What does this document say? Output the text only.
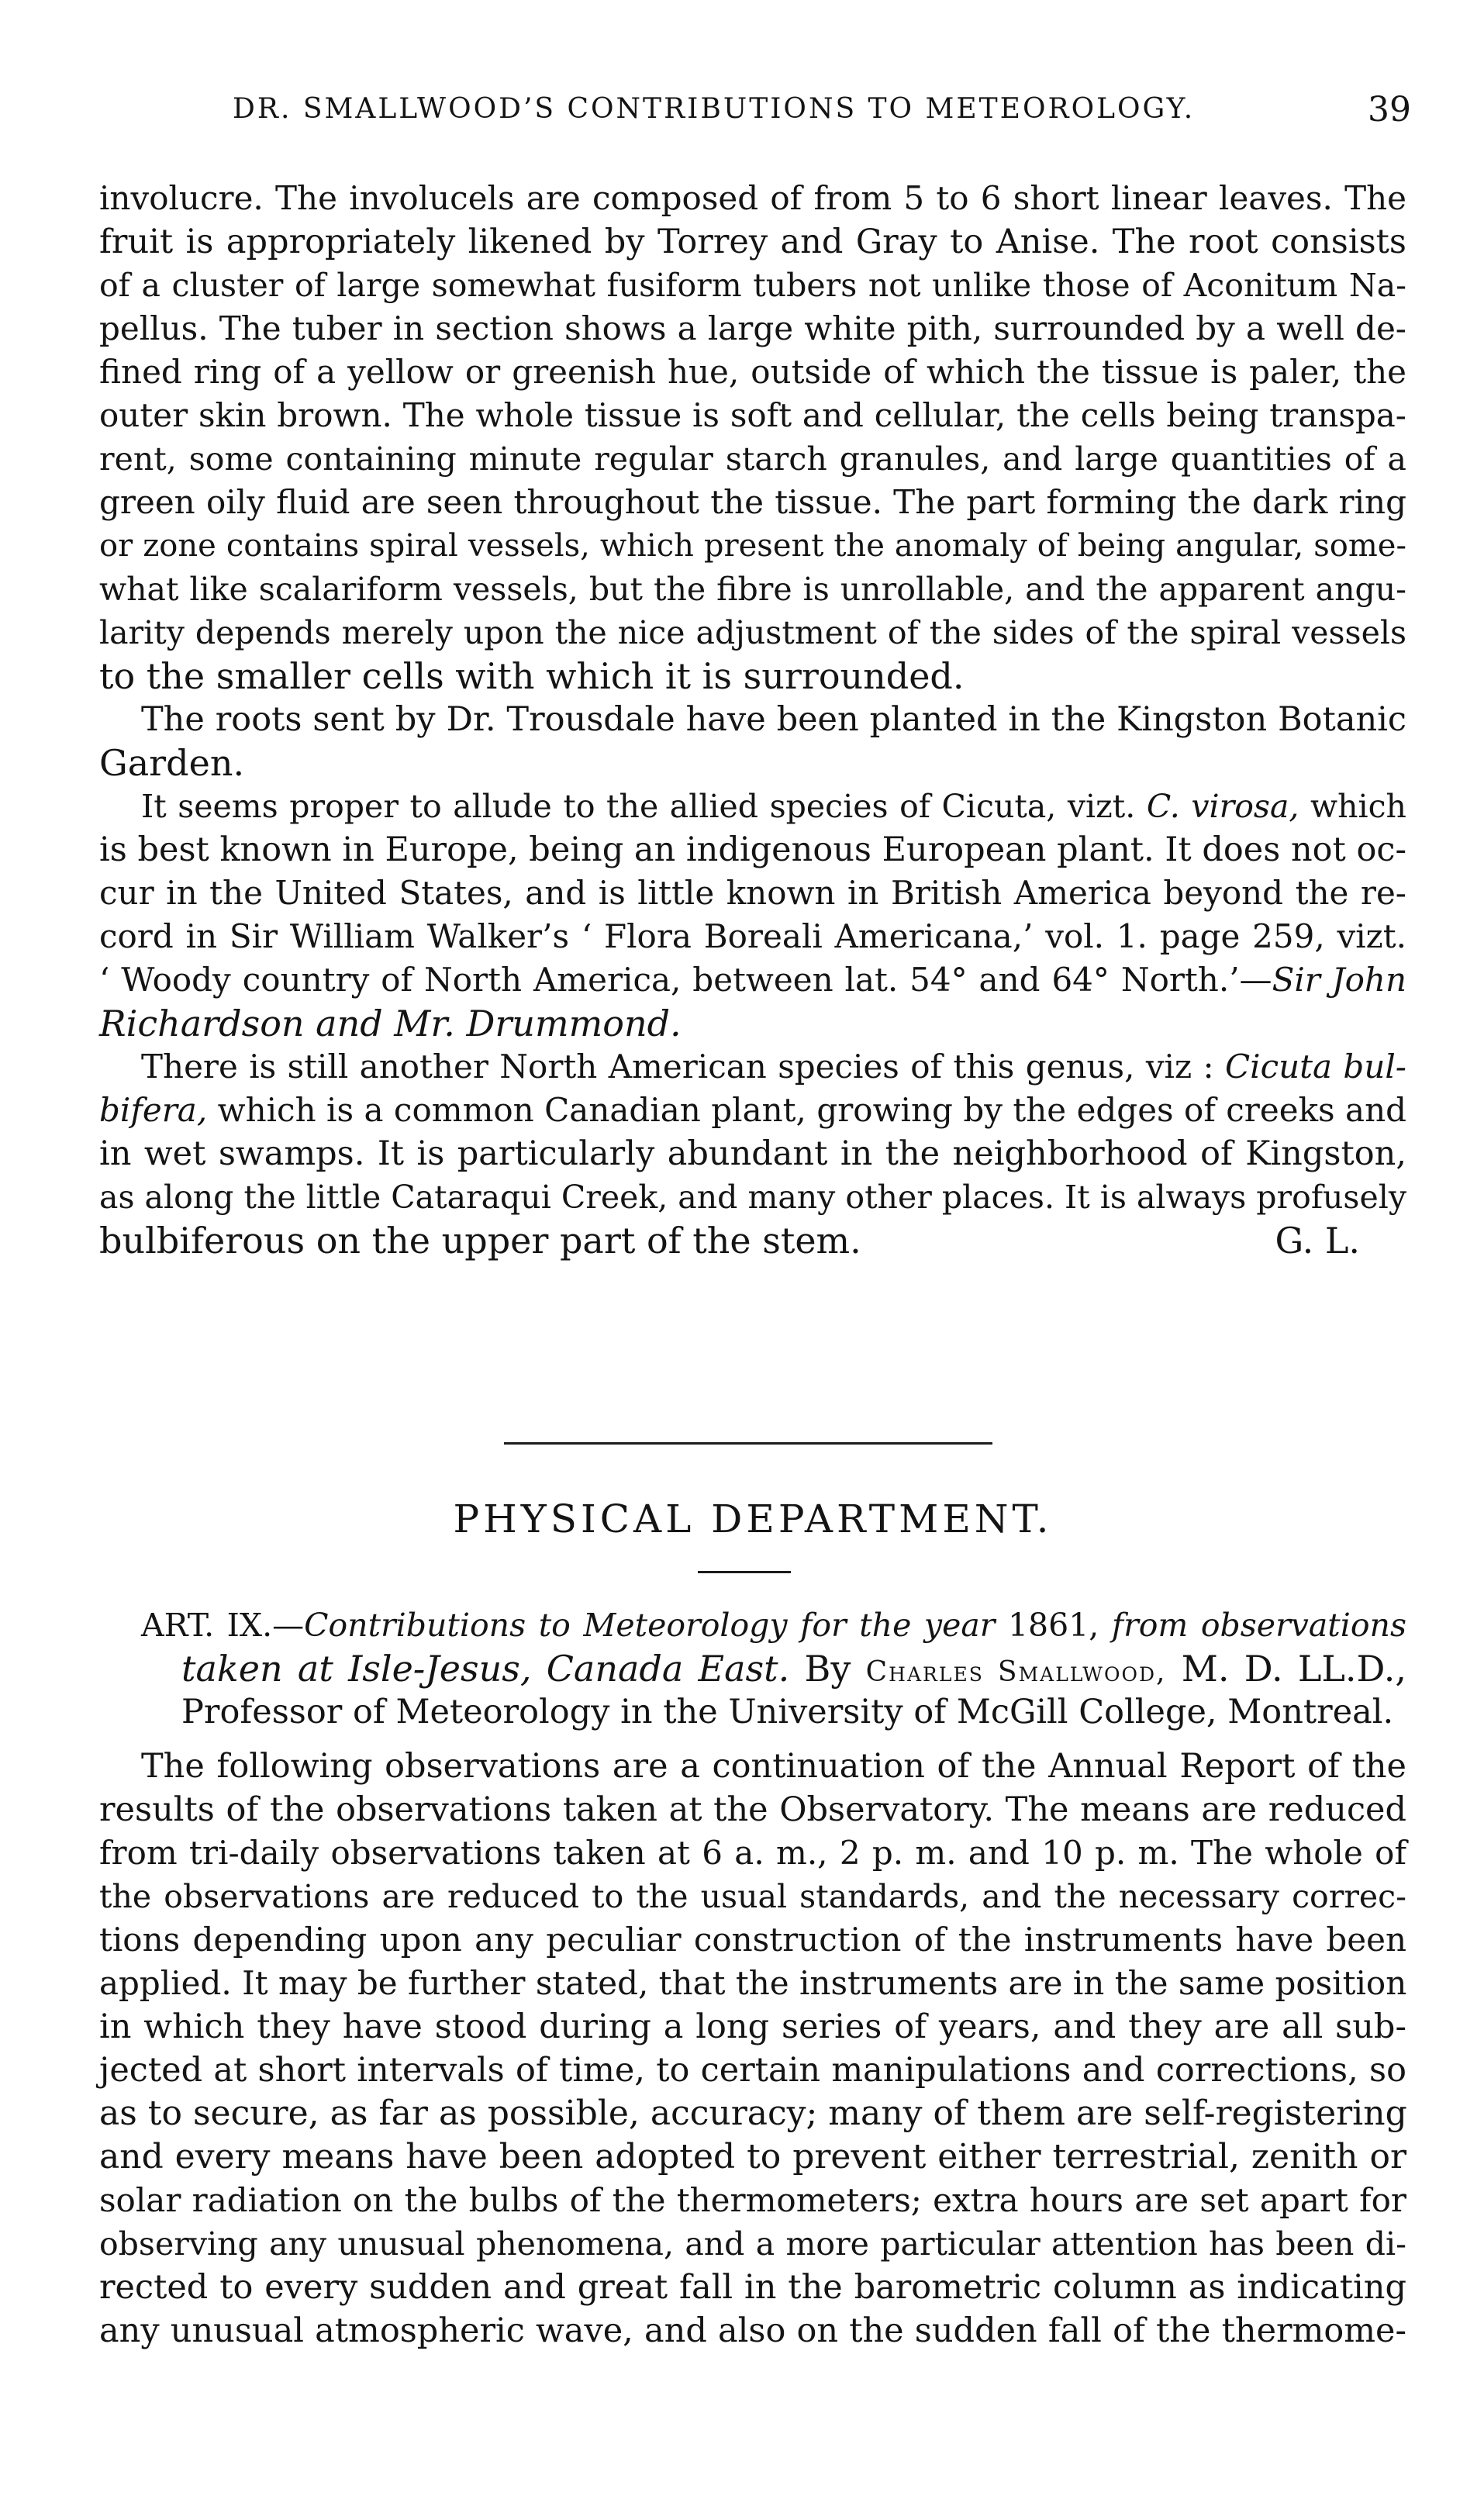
DR. SMALLWOOD’S CONTRIBUTIONS TO METEOROLOGY.	39
involucre. The involucels are composed of from 5 to 6 short linear leaves. The
fruit is appropriately likened by Torrey and Gray to Anise. The root consists
of a cluster of large somewhat fusiform tubers not unlike those of Aconitum Na-
pellus. The tuber in section shows a large white pith, surrounded by a well de-
fined ring of a yellow or greenish hue, outside of which the tissue is paler, the
outer skin brown. The whole tissue is soft and cellular, the cells being transpa-
rent, some containing minute regular starch granules, and large quantities of a
green oily fluid are seen throughout the tissue. The part forming the dark ring
or zone contains spiral vessels, which present the anomaly of being angular, some-
what like scalariform vessels, but the fibre is unrollable, and the apparent angu-
larity depends merely upon the nice adjustment of the sides of the spiral vessels
to the smaller cells with which it is surrounded.
The roots sent by Dr. Trousdale have been planted in the Kingston Botanic
Garden.
It seems proper to allude to the allied species of Cicuta, vizt. C. virosa, which
is best known in Europe, being an indigenous European plant. It does not oc-
cur in the United States, and is little known in British America beyond the re-
cord in Sir William Walker’s ‘ Flora Boreali Americana,’ vol. 1. page 259, vizt.
‘ Woody country of North America, between lat. 54° and 64° North.’—Sir John
Richardson and Mr. Drummond.
There is still another North American species of this genus, viz : Cicuta bul-
bifera, which is a common Canadian plant, growing by the edges of creeks and
in wet swamps. It is particularly abundant in the neighborhood of Kingston,
as along the little Cataraqui Creek, and many other places. It is always profusely
bulbiferous on the upper part of the stem.	G. L.
PHYSICAL DEPARTMENT.
ART. IX.—Contributions to Meteorology for the year 1861, from observations
taken at Isle-Jesus, Canada East. By Charles Smallwood, M. D. LL.D.,
Professor of Meteorology in the University of McGill College, Montreal.
The following observations are a continuation of the Annual Report of the
results of the observations taken at the Observatory. The means are reduced
from tri-daily observations taken at 6 a. m., 2 p. m. and 10 p. m. The whole of
the observations are reduced to the usual standards, and the necessary correc-
tions depending upon any peculiar construction of the instruments have been
applied. It may be further stated, that the instruments are in the same position
in which they have stood during a long series of years, and they are all sub-
jected at short intervals of time, to certain manipulations and corrections, so
as to secure, as far as possible, accuracy; many of them are self-registering
and every means have been adopted to prevent either terrestrial, zenith or
solar radiation on the bulbs of the thermometers; extra hours are set apart for
observing any unusual phenomena, and a more particular attention has been di-
rected to every sudden and great fall in the barometric column as indicating
any unusual atmospheric wave, and also on the sudden fall of the thermome-
